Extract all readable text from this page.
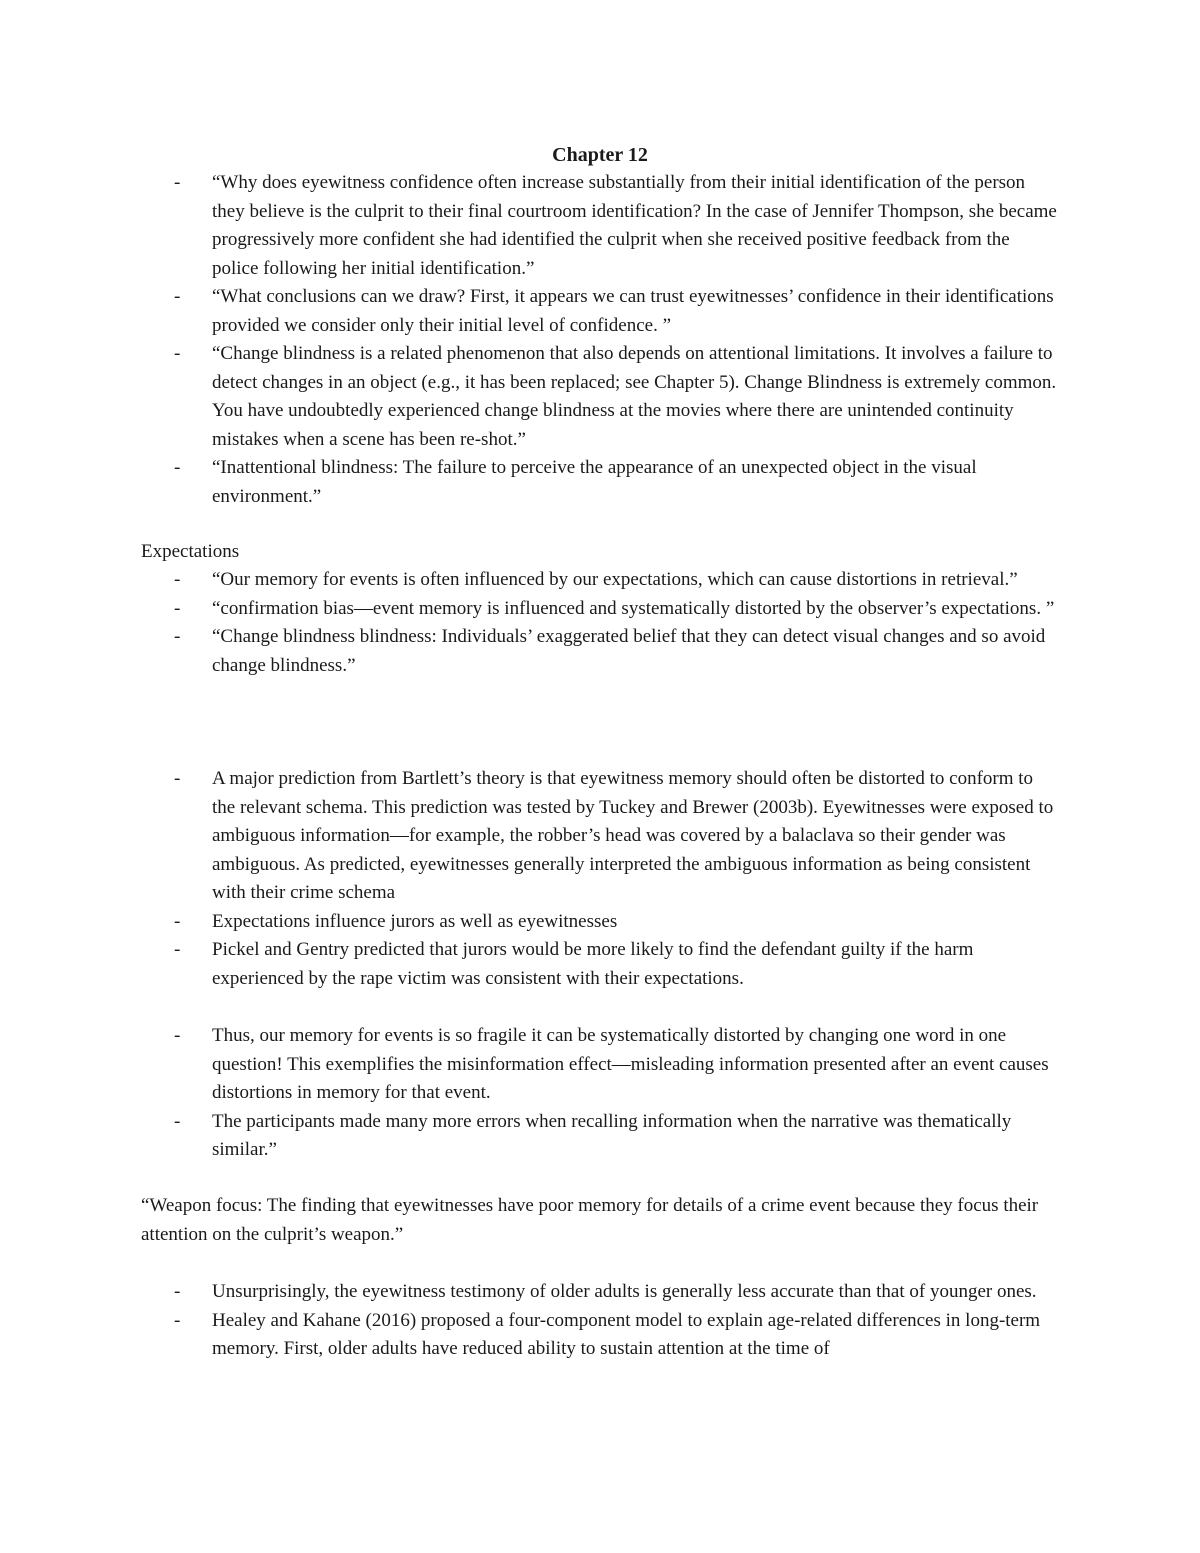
Chapter 12
- “Why does eyewitness confidence often increase substantially from their initial identification of the person they believe is the culprit to their final courtroom identification? In the case of Jennifer Thompson, she became progressively more confident she had identified the culprit when she received positive feedback from the police following her initial identification.”
- “What conclusions can we draw? First, it appears we can trust eyewitnesses’ confidence in their identifications provided we consider only their initial level of confidence. ”
- “Change blindness is a related phenomenon that also depends on attentional limitations. It involves a failure to detect changes in an object (e.g., it has been replaced; see Chapter 5). Change Blindness is extremely common. You have undoubtedly experienced change blindness at the movies where there are unintended continuity mistakes when a scene has been re-shot.”
- “Inattentional blindness: The failure to perceive the appearance of an unexpected object in the visual environment.”

Expectations

- “Our memory for events is often influenced by our expectations, which can cause distortions in retrieval.”
- “confirmation bias—event memory is influenced and systematically distorted by the observer’s expectations. ”
- “Change blindness blindness: Individuals’ exaggerated belief that they can detect visual changes and so avoid change blindness.”
- A major prediction from Bartlett’s theory is that eyewitness memory should often be distorted to conform to the relevant schema. This prediction was tested by Tuckey and Brewer (2003b). Eyewitnesses were exposed to ambiguous information—for example, the robber’s head was covered by a balaclava so their gender was ambiguous. As predicted, eyewitnesses generally interpreted the ambiguous information as being consistent with their crime schema
- Expectations influence jurors as well as eyewitnesses
- Pickel and Gentry predicted that jurors would be more likely to find the defendant guilty if the harm experienced by the rape victim was consistent with their expectations.
- Thus, our memory for events is so fragile it can be systematically distorted by changing one word in one question! This exemplifies the misinformation effect—misleading information presented after an event causes distortions in memory for that event.
- The participants made many more errors when recalling information when the narrative was thematically similar.”

“Weapon focus: The finding that eyewitnesses have poor memory for details of a crime event because they focus their attention on the culprit’s weapon.”

- Unsurprisingly, the eyewitness testimony of older adults is generally less accurate than that of younger ones.
- Healey and Kahane (2016) proposed a four-component model to explain age-related differences in long-term memory. First, older adults have reduced ability to sustain attention at the time of
